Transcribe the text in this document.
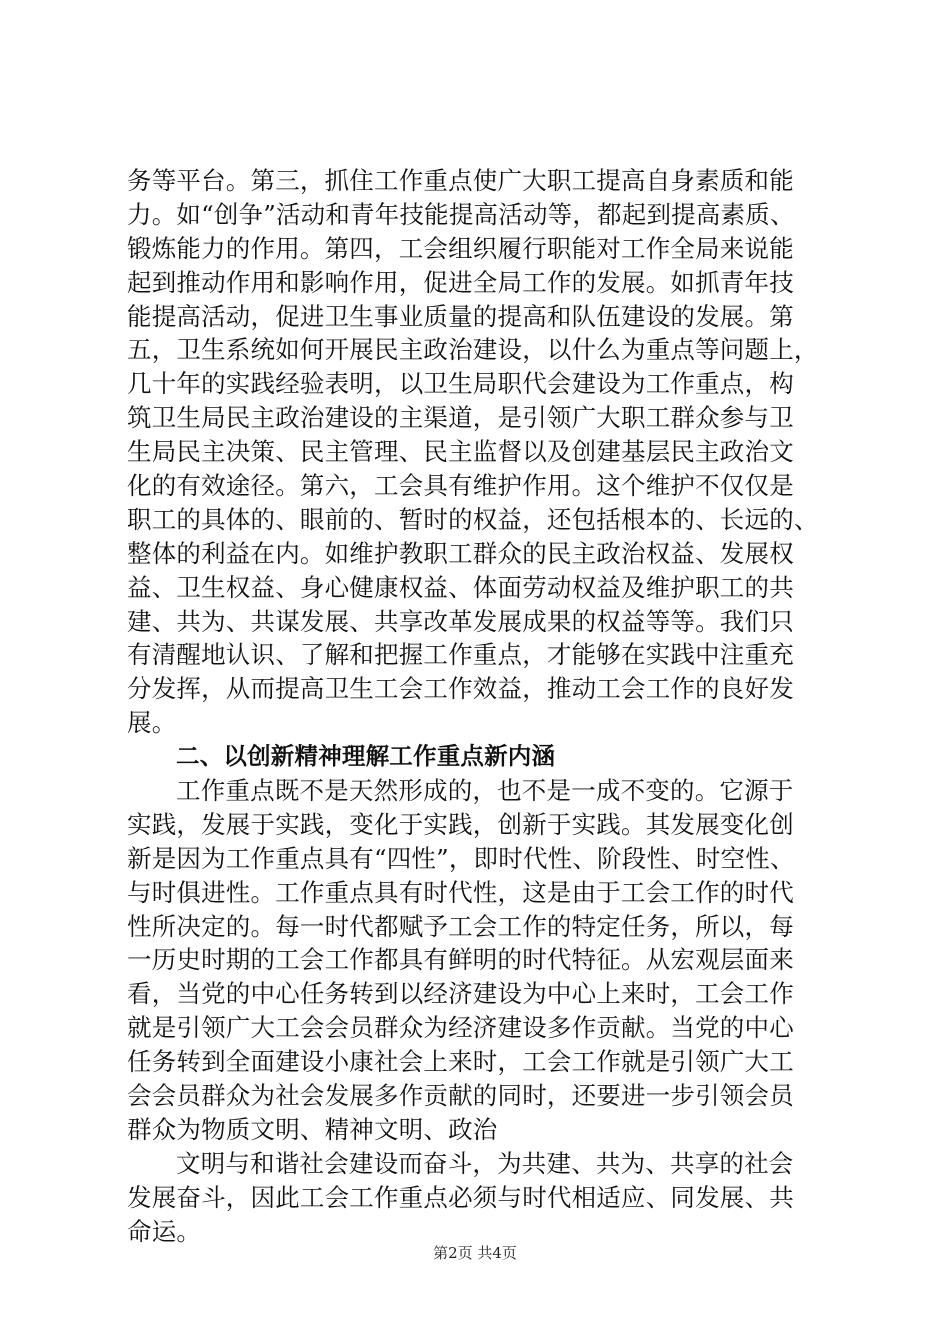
务等平台。第三，抓住工作重点使广大职工提高自身素质和能
力。如“创争”活动和青年技能提高活动等，都起到提高素质、
锻炼能力的作用。第四，工会组织履行职能对工作全局来说能
起到推动作用和影响作用，促进全局工作的发展。如抓青年技
能提高活动，促进卫生事业质量的提高和队伍建设的发展。第
五，卫生系统如何开展民主政治建设，以什么为重点等问题上，
几十年的实践经验表明，以卫生局职代会建设为工作重点，构
筑卫生局民主政治建设的主渠道，是引领广大职工群众参与卫
生局民主决策、民主管理、民主监督以及创建基层民主政治文
化的有效途径。第六，工会具有维护作用。这个维护不仅仅是
职工的具体的、眼前的、暂时的权益，还包括根本的、长远的、
整体的利益在内。如维护教职工群众的民主政治权益、发展权
益、卫生权益、身心健康权益、体面劳动权益及维护职工的共
建、共为、共谋发展、共享改革发展成果的权益等等。我们只
有清醒地认识、了解和把握工作重点，才能够在实践中注重充
分发挥，从而提高卫生工会工作效益，推动工会工作的良好发
展。
二、以创新精神理解工作重点新内涵
工作重点既不是天然形成的，也不是一成不变的。它源于
实践，发展于实践，变化于实践，创新于实践。其发展变化创
新是因为工作重点具有“四性”，即时代性、阶段性、时空性、
与时俱进性。工作重点具有时代性，这是由于工会工作的时代
性所决定的。每一时代都赋予工会工作的特定任务，所以，每
一历史时期的工会工作都具有鲜明的时代特征。从宏观层面来
看，当党的中心任务转到以经济建设为中心上来时，工会工作
就是引领广大工会会员群众为经济建设多作贡献。当党的中心
任务转到全面建设小康社会上来时，工会工作就是引领广大工
会会员群众为社会发展多作贡献的同时，还要进一步引领会员
群众为物质文明、精神文明、政治
文明与和谐社会建设而奋斗，为共建、共为、共享的社会
发展奋斗，因此工会工作重点必须与时代相适应、同发展、共
命运。
第2页 共4页
